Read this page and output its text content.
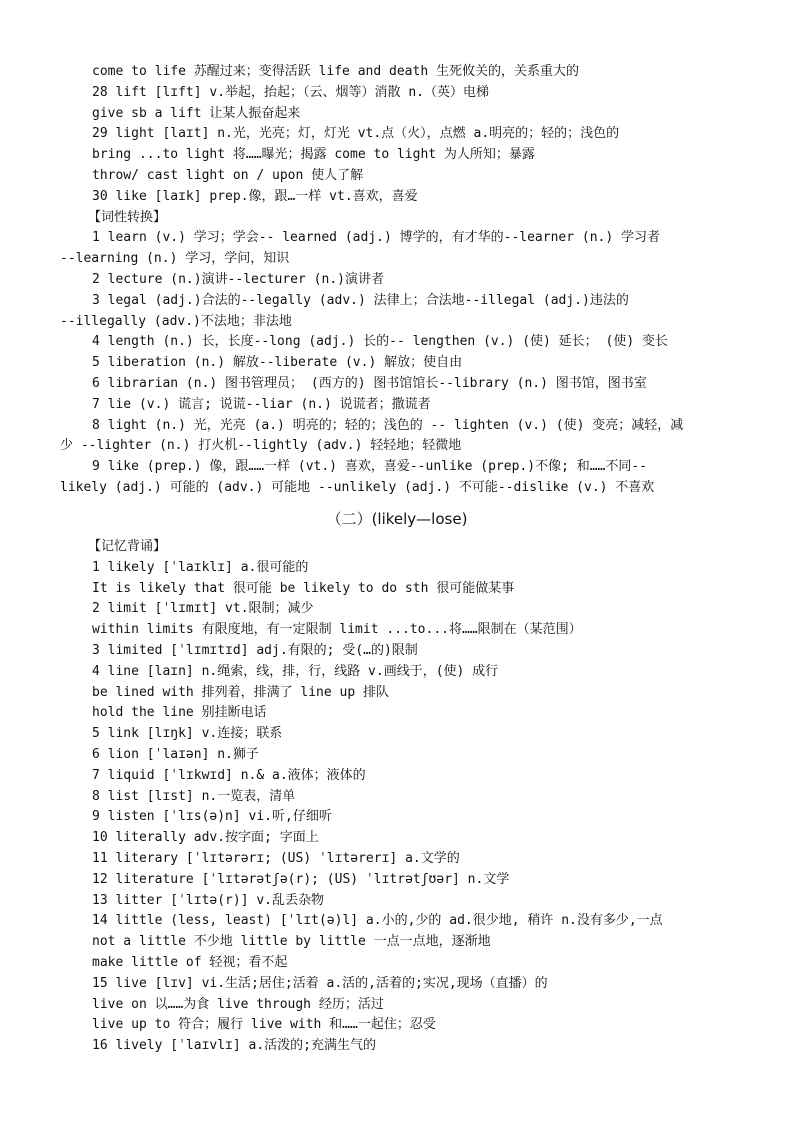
come to life 苏醒过来；变得活跃 life and death 生死攸关的，关系重大的
28 lift [lɪft] v.举起，抬起；（云、烟等）消散 n.（英）电梯
give sb a lift 让某人振奋起来
29 light [laɪt] n.光，光亮；灯，灯光 vt.点（火），点燃 a.明亮的；轻的；浅色的
bring ...to light 将……曝光；揭露 come to light 为人所知；暴露
throw/ cast light on / upon 使人了解
30 like [laɪk] prep.像，跟…一样 vt.喜欢，喜爱
【词性转换】
1 learn (v.) 学习；学会-- learned (adj.) 博学的，有才华的--learner (n.) 学习者
--learning (n.) 学习，学问，知识
2 lecture (n.)演讲--lecturer (n.)演讲者
3 legal (adj.)合法的--legally (adv.) 法律上；合法地--illegal (adj.)违法的
--illegally (adv.)不法地；非法地
4 length (n.) 长，长度--long (adj.) 长的-- lengthen (v.) (使) 延长； (使) 变长
5 liberation (n.) 解放--liberate (v.) 解放；使自由
6 librarian (n.) 图书管理员； (西方的) 图书馆馆长--library (n.) 图书馆，图书室
7 lie (v.) 谎言; 说谎--liar (n.) 说谎者；撒谎者
8 light (n.) 光，光亮 (a.) 明亮的；轻的；浅色的 -- lighten (v.) (使) 变亮；减轻，减
少 --lighter (n.) 打火机--lightly (adv.) 轻轻地；轻微地
9 like (prep.) 像，跟……一样 (vt.) 喜欢，喜爱--unlike (prep.)不像; 和……不同--
likely (adj.) 可能的 (adv.) 可能地 --unlikely (adj.) 不可能--dislike (v.) 不喜欢
（二）(likely—lose)
【记忆背诵】
1 likely [ˈlaɪklɪ] a.很可能的
It is likely that 很可能 be likely to do sth 很可能做某事
2 limit [ˈlɪmɪt] vt.限制；减少
within limits 有限度地，有一定限制 limit ...to...将……限制在（某范围）
3 limited [ˈlɪmɪtɪd] adj.有限的; 受(…的)限制
4 line [laɪn] n.绳索，线，排，行，线路 v.画线于，(使) 成行
be lined with 排列着，排满了 line up 排队
hold the line 别挂断电话
5 link [lɪŋk] v.连接；联系
6 lion [ˈlaɪən] n.狮子
7 liquid [ˈlɪkwɪd] n.& a.液体；液体的
8 list [lɪst] n.一览表，清单
9 listen [ˈlɪs(ə)n] vi.听,仔细听
10 literally adv.按字面; 字面上
11 literary [ˈlɪtərərɪ; (US) ˈlɪtərerɪ] a.文学的
12 literature [ˈlɪtərətʃə(r); (US) ˈlɪtrətʃʊər] n.文学
13 litter [ˈlɪtə(r)] v.乱丢杂物
14 little (less, least) [ˈlɪt(ə)l] a.小的,少的 ad.很少地, 稍许 n.没有多少,一点
not a little 不少地 little by little 一点一点地，逐渐地
make little of 轻视；看不起
15 live [lɪv] vi.生活;居住;活着 a.活的,活着的;实况,现场（直播）的
live on 以……为食 live through 经历；活过
live up to 符合；履行 live with 和……一起住；忍受
16 lively [ˈlaɪvlɪ] a.活泼的;充满生气的
